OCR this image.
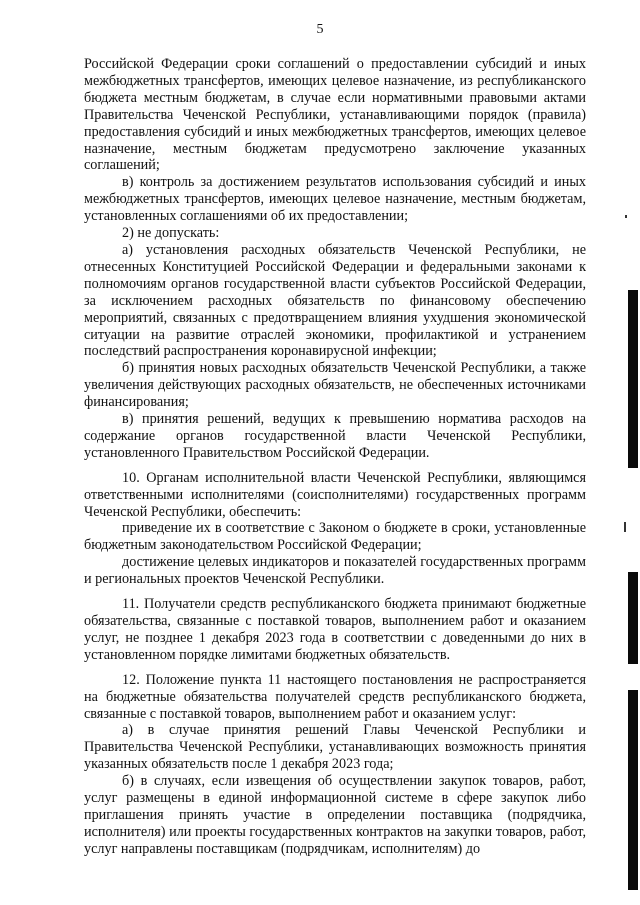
5

Российской Федерации сроки соглашений о предоставлении субсидий и иных межбюджетных трансфертов, имеющих целевое назначение, из республиканского бюджета местным бюджетам, в случае если нормативными правовыми актами Правительства Чеченской Республики, устанавливающими порядок (правила) предоставления субсидий и иных межбюджетных трансфертов, имеющих целевое назначение, местным бюджетам предусмотрено заключение указанных соглашений;

в) контроль за достижением результатов использования субсидий и иных межбюджетных трансфертов, имеющих целевое назначение, местным бюджетам, установленных соглашениями об их предоставлении;

2) не допускать:

а) установления расходных обязательств Чеченской Республики, не отнесенных Конституцией Российской Федерации и федеральными законами к полномочиям органов государственной власти субъектов Российской Федерации, за исключением расходных обязательств по финансовому обеспечению мероприятий, связанных с предотвращением влияния ухудшения экономической ситуации на развитие отраслей экономики, профилактикой и устранением последствий распространения коронавирусной инфекции;

б) принятия новых расходных обязательств Чеченской Республики, а также увеличения действующих расходных обязательств, не обеспеченных источниками финансирования;

в) принятия решений, ведущих к превышению норматива расходов на содержание органов государственной власти Чеченской Республики, установленного Правительством Российской Федерации.

10. Органам исполнительной власти Чеченской Республики, являющимся ответственными исполнителями (соисполнителями) государственных программ Чеченской Республики, обеспечить:

приведение их в соответствие с Законом о бюджете в сроки, установленные бюджетным законодательством Российской Федерации;

достижение целевых индикаторов и показателей государственных программ и региональных проектов Чеченской Республики.

11. Получатели средств республиканского бюджета принимают бюджетные обязательства, связанные с поставкой товаров, выполнением работ и оказанием услуг, не позднее 1 декабря 2023 года в соответствии с доведенными до них в установленном порядке лимитами бюджетных обязательств.

12. Положение пункта 11 настоящего постановления не распространяется на бюджетные обязательства получателей средств республиканского бюджета, связанные с поставкой товаров, выполнением работ и оказанием услуг:

а) в случае принятия решений Главы Чеченской Республики и Правительства Чеченской Республики, устанавливающих возможность принятия указанных обязательств после 1 декабря 2023 года;

б) в случаях, если извещения об осуществлении закупок товаров, работ, услуг размещены в единой информационной системе в сфере закупок либо приглашения принять участие в определении поставщика (подрядчика, исполнителя) или проекты государственных контрактов на закупки товаров, работ, услуг направлены поставщикам (подрядчикам, исполнителям) до
